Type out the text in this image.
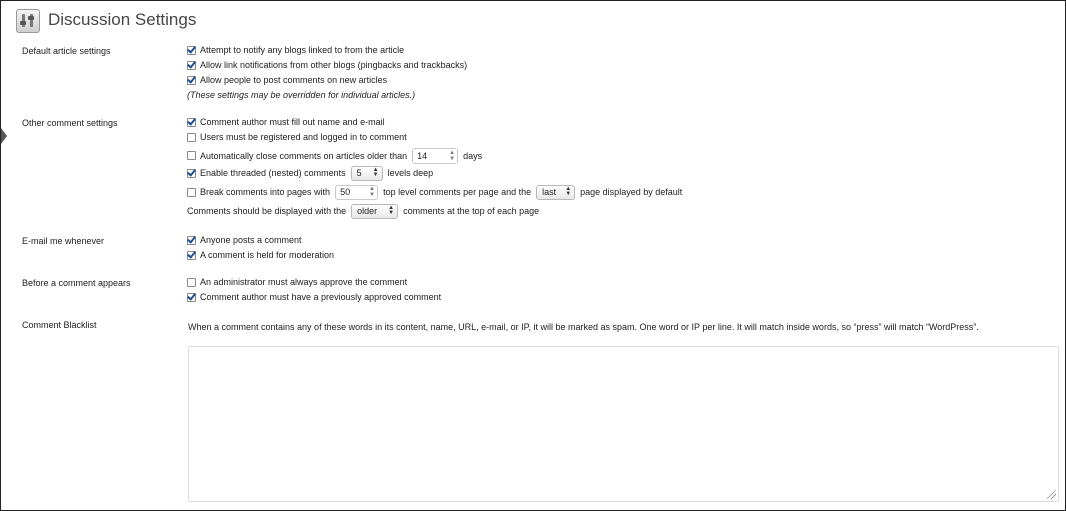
Discussion Settings
Default article settings	Attempt to notify any blogs linked to from the article
Allow link notifications from other blogs (pingbacks and trackbacks)
Allow people to post comments on new articles
(These settings may be overridden for individual articles.)
Other comment settings	Comment author must fill out name and e-mail
Users must be registered and logged in to comment
Automatically close comments on articles older than 14	▲
▼ days
Enable threaded (nested) comments 5 ▲
▼ levels deep
Break comments into pages with 50	▲
▼ top level comments per page and the last ▲
▼ page displayed by default
Comments should be displayed with the older ▲
▼ comments at the top of each page
E-mail me whenever	Anyone posts a comment
A comment is held for moderation
Before a comment appears	An administrator must always approve the comment
Comment author must have a previously approved comment
Comment Blacklist	When a comment contains any of these words in its content, name, URL, e-mail, or IP, it will be marked as spam. One word or IP per line. It will match inside words, so “press” will match “WordPress”.
